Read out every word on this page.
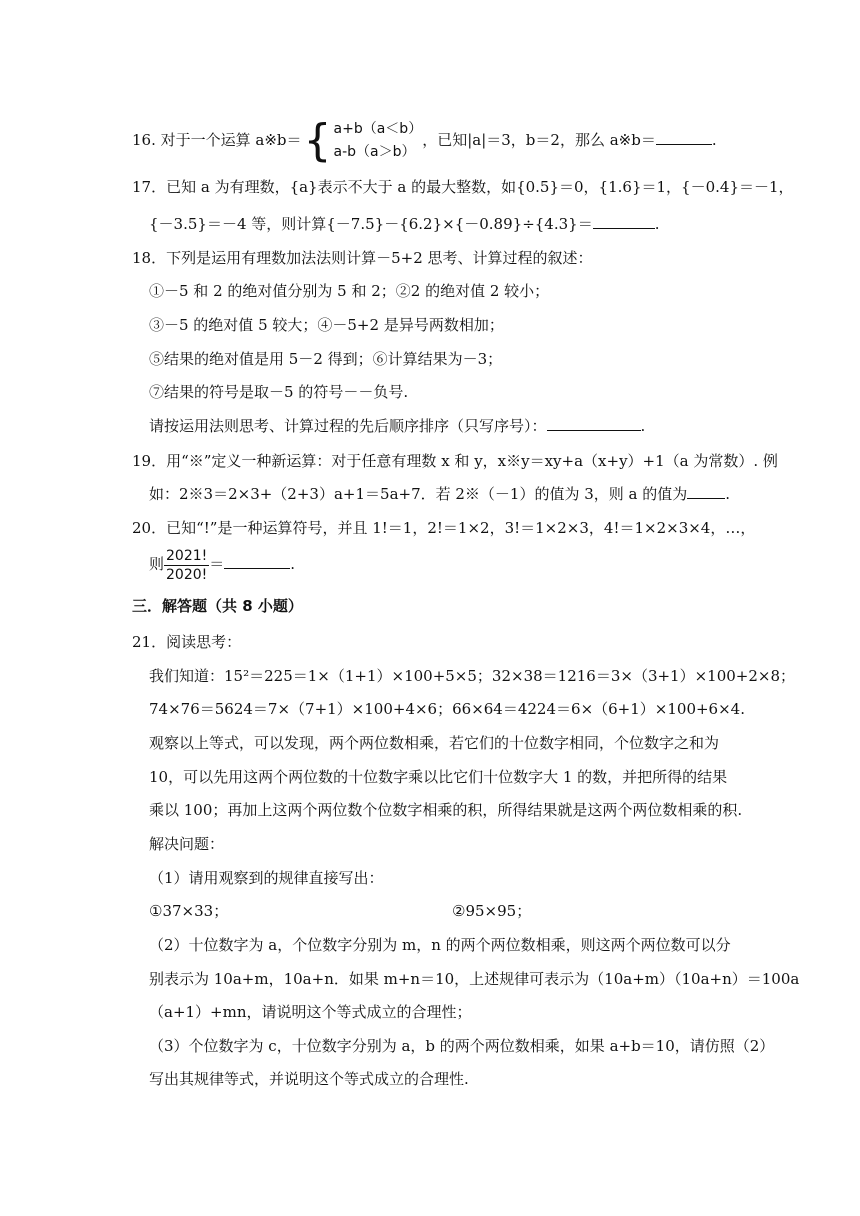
16. 对于一个运算 a※b＝{ a+b（a＜b）
a-b（a＞b）
，已知|a|＝3，b＝2，那么 a※b＝	.
17．已知 a 为有理数，{a}表示不大于 a 的最大整数，如{0.5}＝0，{1.6}＝1，{－0.4}＝－1，
{－3.5}＝－4 等，则计算{－7.5}－{6.2}×{－0.89}÷{4.3}＝	.
18．下列是运用有理数加法法则计算－5+2 思考、计算过程的叙述：
①－5 和 2 的绝对值分别为 5 和 2；②2 的绝对值 2 较小；
③－5 的绝对值 5 较大；④－5+2 是异号两数相加；
⑤结果的绝对值是用 5－2 得到；⑥计算结果为－3；
⑦结果的符号是取－5 的符号－－负号.
请按运用法则思考、计算过程的先后顺序排序（只写序号）：	.
19．用“※”定义一种新运算：对于任意有理数 x 和 y，x※y＝xy+a（x+y）+1（a 为常数）. 例
如：2※3＝2×3+（2+3）a+1＝5a+7．若 2※（－1）的值为 3，则 a 的值为	.
20．已知“!”是一种运算符号，并且 1!＝1，2!＝1×2，3!＝1×2×3，4!＝1×2×3×4，…，
则 $\frac{2021!}{2020!}$ ＝	.
三．解答题（共 8 小题）
21．阅读思考：
我们知道：15²＝225＝1×（1+1）×100+5×5；32×38＝1216＝3×（3+1）×100+2×8；
74×76＝5624＝7×（7+1）×100+4×6；66×64＝4224＝6×（6+1）×100+6×4.
观察以上等式，可以发现，两个两位数相乘，若它们的十位数字相同，个位数字之和为
10，可以先用这两个两位数的十位数字乘以比它们十位数字大 1 的数，并把所得的结果
乘以 100；再加上这两个两位数个位数字相乘的积，所得结果就是这两个两位数相乘的积.
解决问题：
（1）请用观察到的规律直接写出：
①37×33；	②95×95；
（2）十位数字为 a，个位数字分别为 m，n 的两个两位数相乘，则这两个两位数可以分
别表示为 10a+m，10a+n．如果 m+n＝10，上述规律可表示为（10a+m）（10a+n）＝100a
（a+1）+mn，请说明这个等式成立的合理性；
（3）个位数字为 c，十位数字分别为 a，b 的两个两位数相乘，如果 a+b＝10，请仿照（2）
写出其规律等式，并说明这个等式成立的合理性.
